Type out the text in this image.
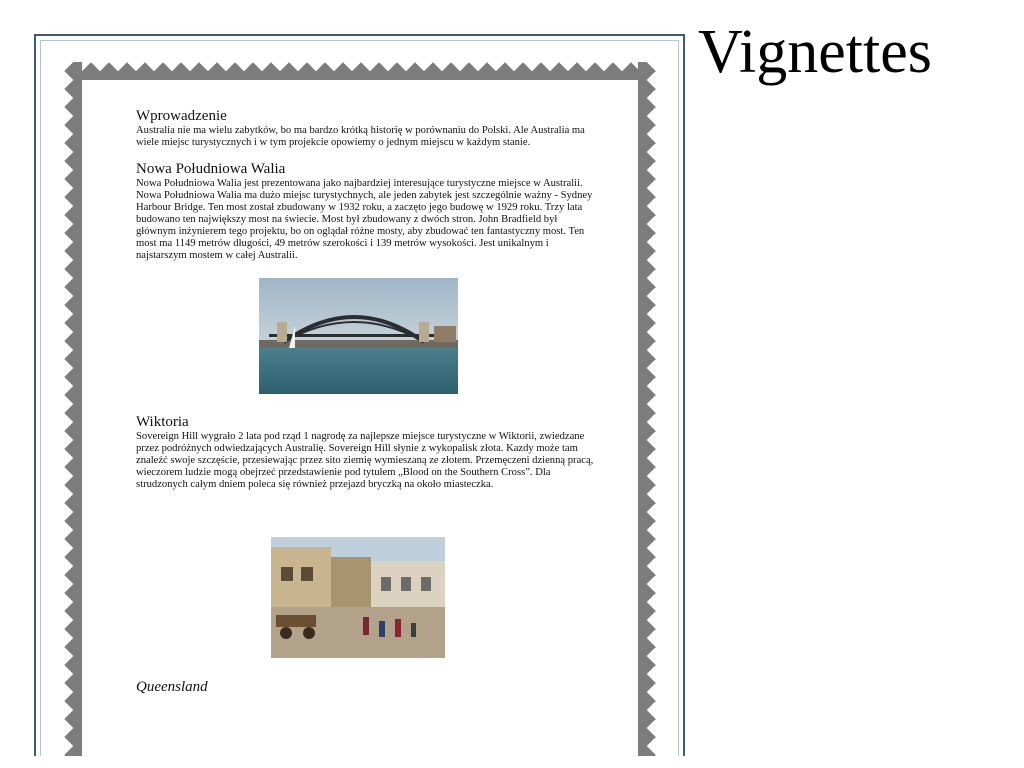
Vignettes
Wprowadzenie

Australia nie ma wielu zabytków, bo ma bardzo krótką historię w porównaniu do Polski. Ale Australia ma wiele miejsc turystycznych i w tym projekcie opowiemy o jednym miejscu w każdym stanie.

Nowa Południowa Walia

Nowa Południowa Walia jest prezentowana jako najbardziej interesujące turystyczne miejsce w Australii. Nowa Południowa Walia ma dużo miejsc turystychnych, ale jeden zabytek jest szczególnie ważny - Sydney Harbour Bridge. Ten most został zbudowany w 1932 roku, a zaczęto jego budowę w 1929 roku. Trzy lata budowano ten największy most na świecie. Most był zbudowany z dwóch stron. John Bradfield był głównym inżynierem tego projektu, bo on oglądał różne mosty, aby zbudować ten fantastyczny most. Ten most ma 1149 metrów długości, 49 metrów szerokości i 139 metrów wysokości. Jest unikalnym i najstarszym mostem w całej Australii.

Wiktoria

Sovereign Hill wygrało 2 lata pod rząd 1 nagrodę za najlepsze miejsce turystyczne w Wiktorii, zwiedzane przez podróżnych odwiedzających Australię. Sovereign Hill słynie z wykopalisk złota. Kazdy może tam znaleźć swoje szczęście, przesiewając przez sito ziemię wymieszaną ze złotem. Przemęczeni dzienną pracą, wieczorem ludzie mogą obejrzeć przedstawienie pod tytułem „Blood on the Southern Cross”. Dla strudzonych całym dniem poleca się również przejazd bryczką na około miasteczka.

Queensland
